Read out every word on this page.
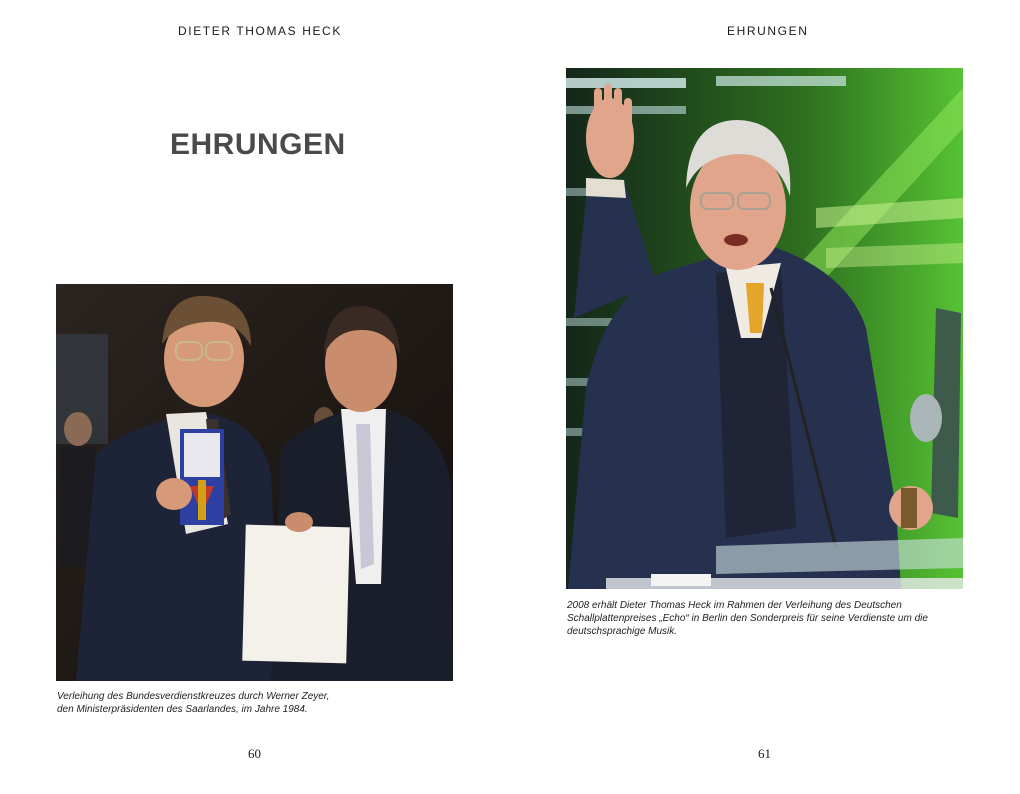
DIETER THOMAS HECK
EHRUNGEN
Verleihung des Bundesverdienstkreuzes durch Werner Zeyer,
den Ministerpräsidenten des Saarlandes, im Jahre 1984.
60
EHRUNGEN
2008 erhält Dieter Thomas Heck im Rahmen der Verleihung des Deutschen
Schallplattenpreises „Echo“ in Berlin den Sonderpreis für seine Verdienste um die
deutschsprachige Musik.
61
